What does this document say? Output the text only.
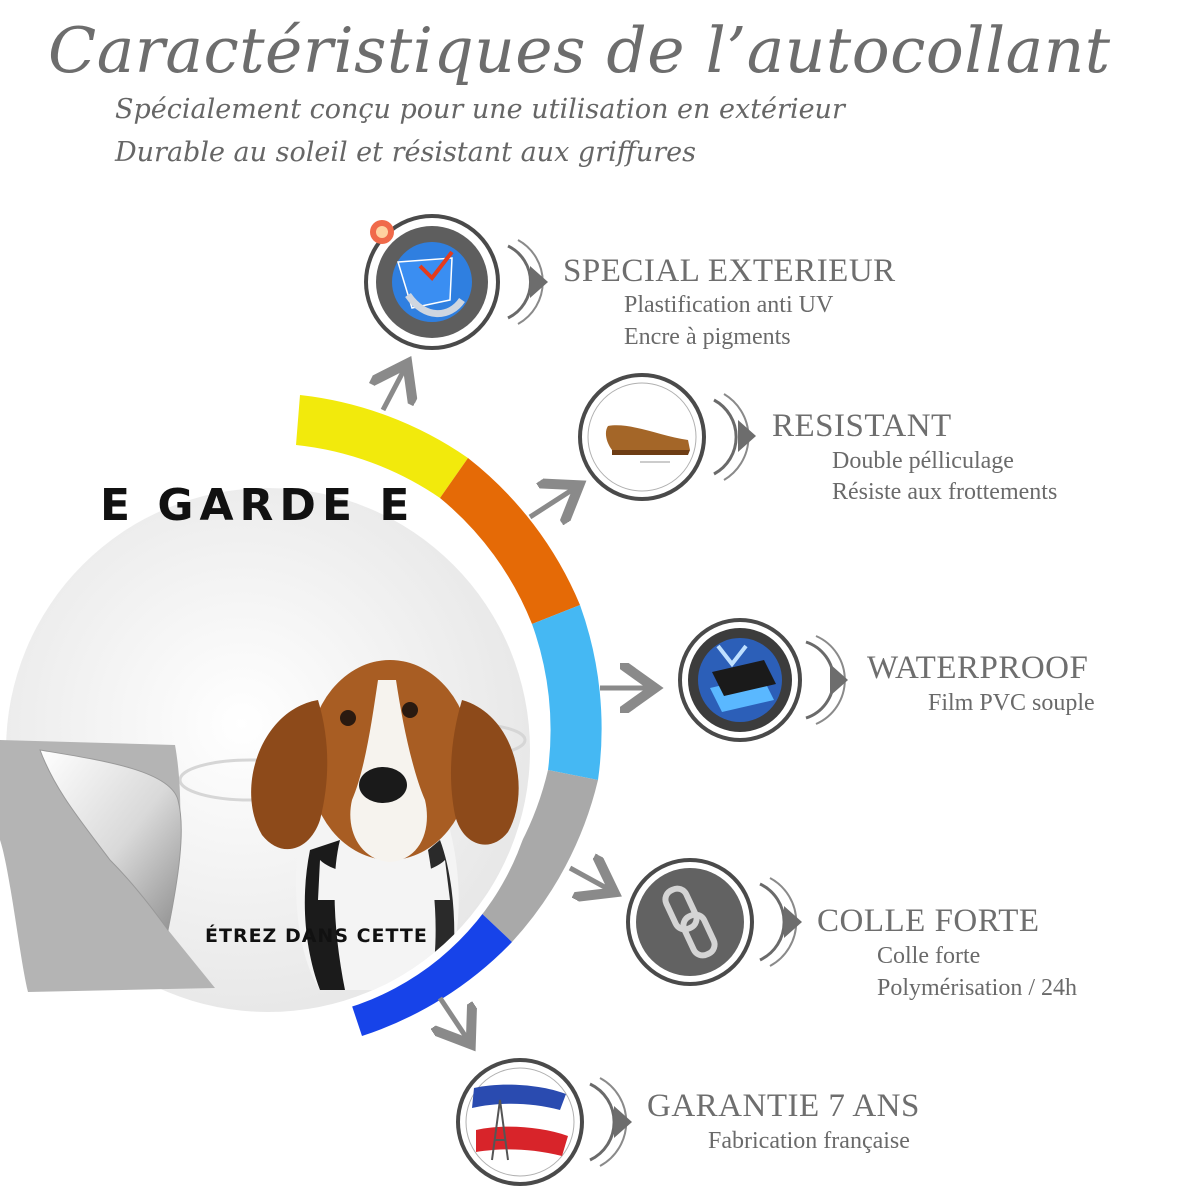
Caractéristiques de l’autocollant
Spécialement conçu pour une utilisation en extérieur
Durable au soleil et résistant aux griffures
E GARDE E
ÉTREZ DANS CETTE
SPECIAL EXTERIEUR
Plastification anti UV
Encre à pigments
RESISTANT
Double pélliculage
Résiste aux frottements
WATERPROOF
Film PVC souple
COLLE FORTE
Colle forte
Polymérisation / 24h
GARANTIE 7 ANS
Fabrication française
